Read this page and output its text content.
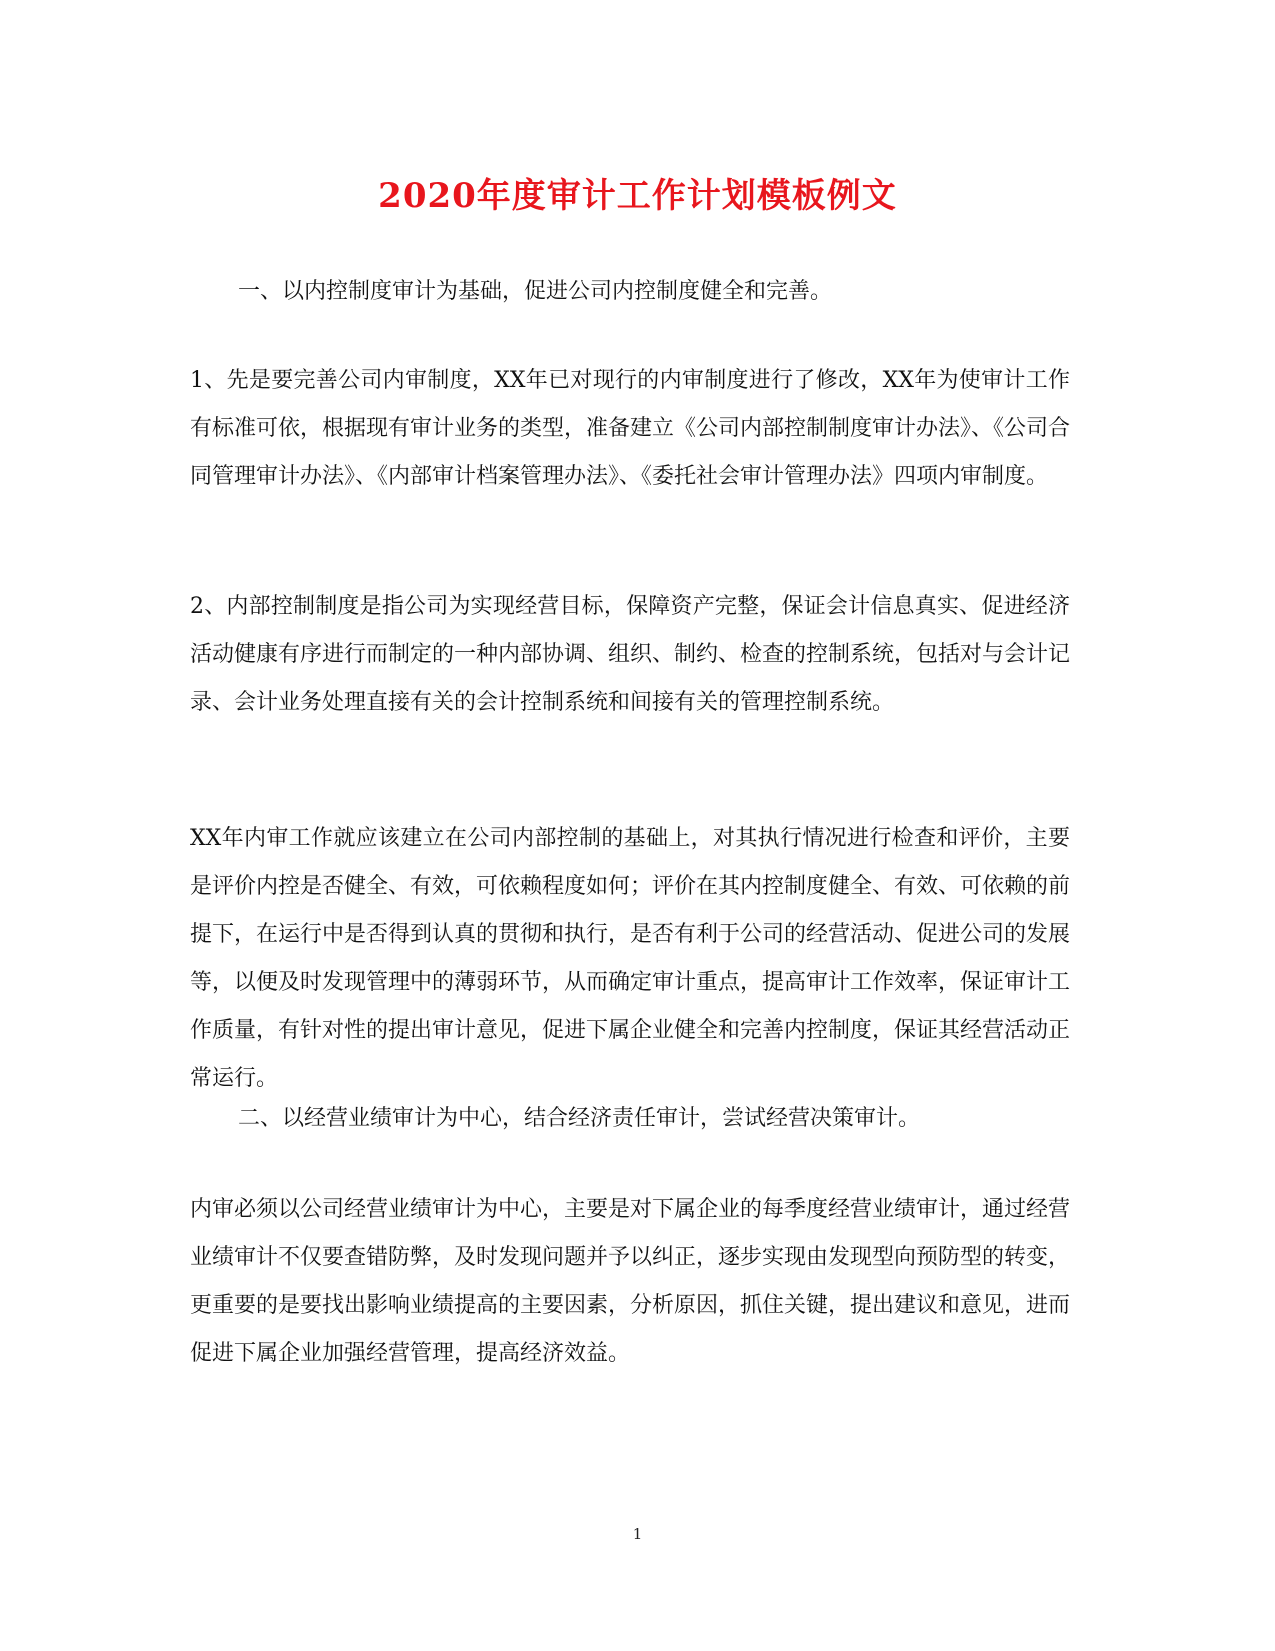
2020年度审计工作计划模板例文

一、以内控制度审计为基础，促进公司内控制度健全和完善。

1、先是要完善公司内审制度，XX年已对现行的内审制度进行了修改，XX年为使审计工作有标准可依，根据现有审计业务的类型，准备建立《公司内部控制制度审计办法》、《公司合同管理审计办法》、《内部审计档案管理办法》、《委托社会审计管理办法》四项内审制度。

2、内部控制制度是指公司为实现经营目标，保障资产完整，保证会计信息真实、促进经济活动健康有序进行而制定的一种内部协调、组织、制约、检查的控制系统，包括对与会计记录、会计业务处理直接有关的会计控制系统和间接有关的管理控制系统。

XX年内审工作就应该建立在公司内部控制的基础上，对其执行情况进行检查和评价，主要是评价内控是否健全、有效，可依赖程度如何；评价在其内控制度健全、有效、可依赖的前提下，在运行中是否得到认真的贯彻和执行，是否有利于公司的经营活动、促进公司的发展等，以便及时发现管理中的薄弱环节，从而确定审计重点，提高审计工作效率，保证审计工作质量，有针对性的提出审计意见，促进下属企业健全和完善内控制度，保证其经营活动正常运行。

二、以经营业绩审计为中心，结合经济责任审计，尝试经营决策审计。

内审必须以公司经营业绩审计为中心，主要是对下属企业的每季度经营业绩审计，通过经营业绩审计不仅要查错防弊，及时发现问题并予以纠正，逐步实现由发现型向预防型的转变，更重要的是要找出影响业绩提高的主要因素，分析原因，抓住关键，提出建议和意见，进而促进下属企业加强经营管理，提高经济效益。

1
